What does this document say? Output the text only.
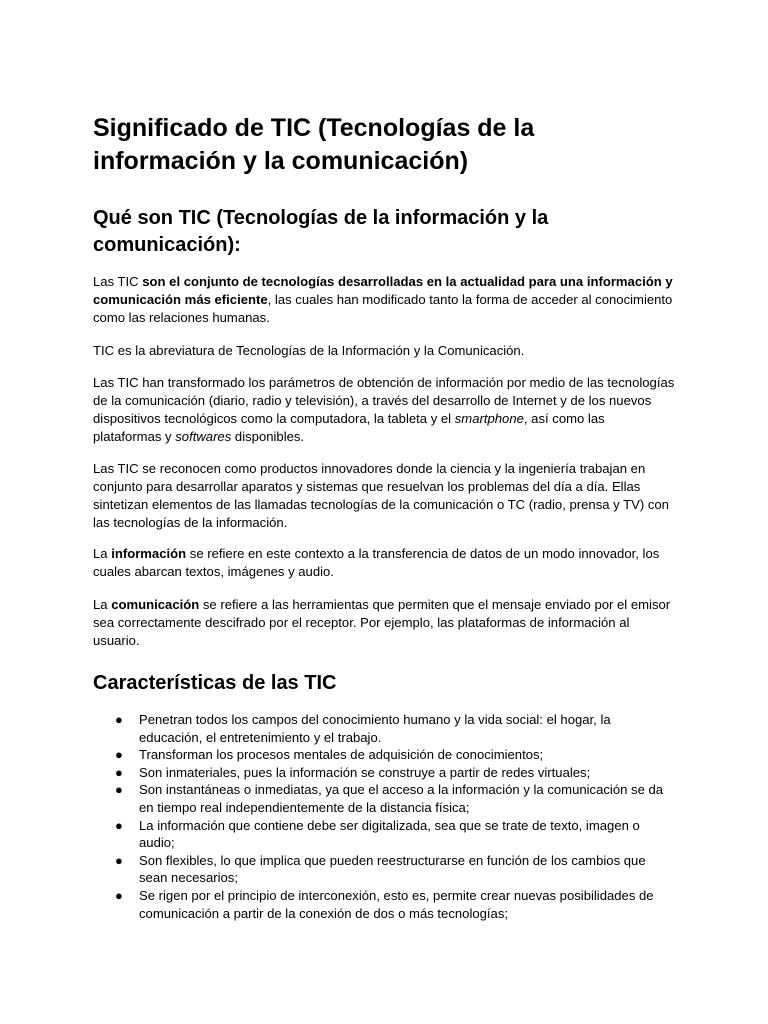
Significado de TIC (Tecnologías de la información y la comunicación)
Qué son TIC (Tecnologías de la información y la comunicación):

Las TIC son el conjunto de tecnologías desarrolladas en la actualidad para una información y comunicación más eficiente, las cuales han modificado tanto la forma de acceder al conocimiento como las relaciones humanas.

TIC es la abreviatura de Tecnologías de la Información y la Comunicación.

Las TIC han transformado los parámetros de obtención de información por medio de las tecnologías de la comunicación (diario, radio y televisión), a través del desarrollo de Internet y de los nuevos dispositivos tecnológicos como la computadora, la tableta y el smartphone, así como las plataformas y softwares disponibles.

Las TIC se reconocen como productos innovadores donde la ciencia y la ingeniería trabajan en conjunto para desarrollar aparatos y sistemas que resuelvan los problemas del día a día. Ellas sintetizan elementos de las llamadas tecnologías de la comunicación o TC (radio, prensa y TV) con las tecnologías de la información.

La información se refiere en este contexto a la transferencia de datos de un modo innovador, los cuales abarcan textos, imágenes y audio.

La comunicación se refiere a las herramientas que permiten que el mensaje enviado por el emisor sea correctamente descifrado por el receptor. Por ejemplo, las plataformas de información al usuario.

Características de las TIC
● Penetran todos los campos del conocimiento humano y la vida social: el hogar, la educación, el entretenimiento y el trabajo.
● Transforman los procesos mentales de adquisición de conocimientos;
● Son inmateriales, pues la información se construye a partir de redes virtuales;
● Son instantáneas o inmediatas, ya que el acceso a la información y la comunicación se da en tiempo real independientemente de la distancia física;
● La información que contiene debe ser digitalizada, sea que se trate de texto, imagen o audio;
● Son flexibles, lo que implica que pueden reestructurarse en función de los cambios que sean necesarios;
● Se rigen por el principio de interconexión, esto es, permite crear nuevas posibilidades de comunicación a partir de la conexión de dos o más tecnologías;
